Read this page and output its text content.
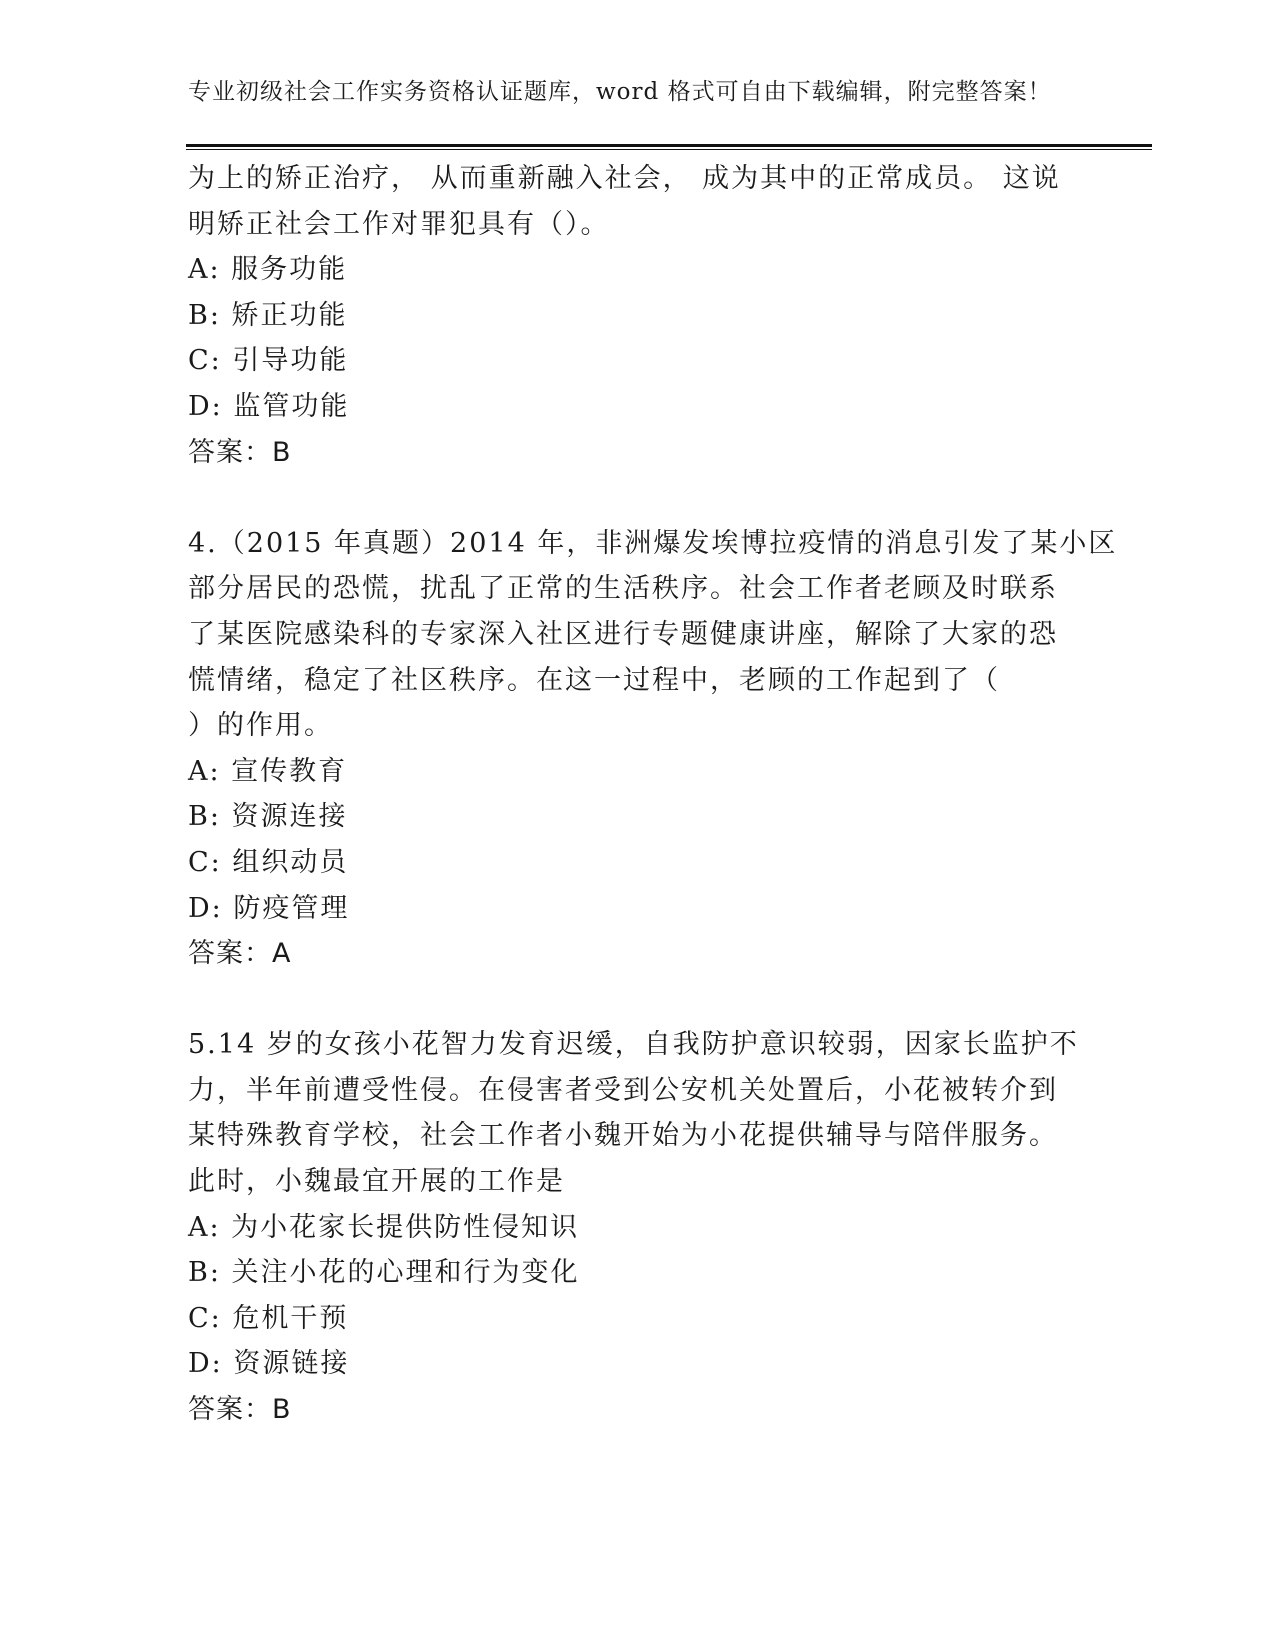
专业初级社会工作实务资格认证题库，word 格式可自由下载编辑，附完整答案！
为上的矫正治疗， 从而重新融入社会， 成为其中的正常成员。 这说
明矫正社会工作对罪犯具有（）。
A: 服务功能
B: 矫正功能
C: 引导功能
D: 监管功能
答案：B
4.（2015 年真题）2014 年，非洲爆发埃博拉疫情的消息引发了某小区
部分居民的恐慌，扰乱了正常的生活秩序。社会工作者老顾及时联系
了某医院感染科的专家深入社区进行专题健康讲座，解除了大家的恐
慌情绪，稳定了社区秩序。在这一过程中，老顾的工作起到了（
）的作用。
A: 宣传教育
B: 资源连接
C: 组织动员
D: 防疫管理
答案：A
5.14 岁的女孩小花智力发育迟缓，自我防护意识较弱，因家长监护不
力，半年前遭受性侵。在侵害者受到公安机关处置后，小花被转介到
某特殊教育学校，社会工作者小魏开始为小花提供辅导与陪伴服务。
此时，小魏最宜开展的工作是
A: 为小花家长提供防性侵知识
B: 关注小花的心理和行为变化
C: 危机干预
D: 资源链接
答案：B
